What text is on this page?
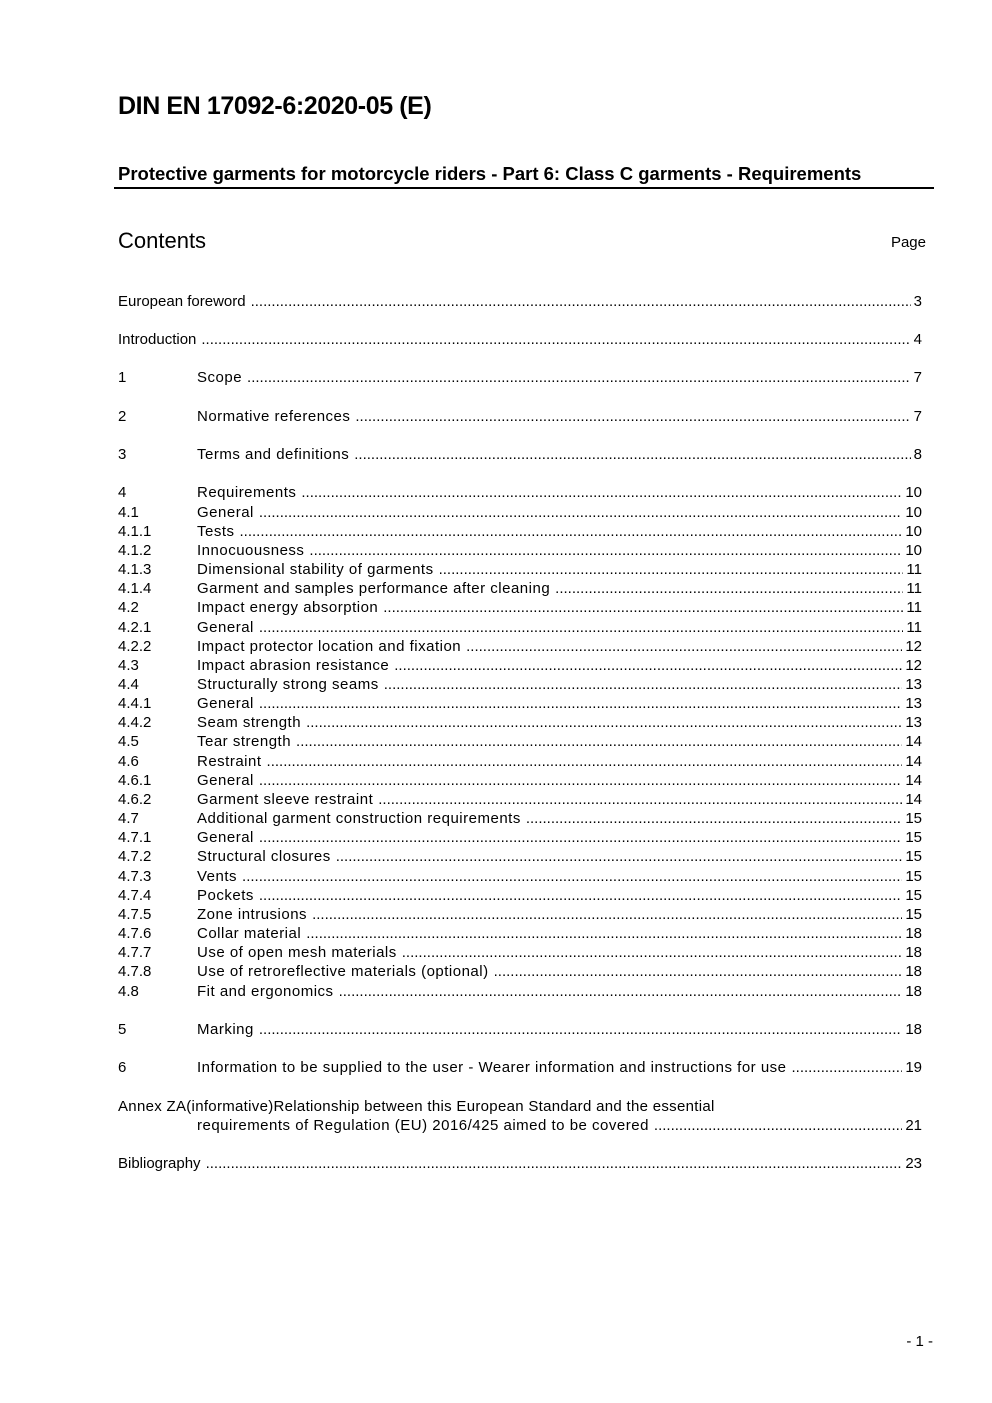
DIN EN 17092-6:2020-05 (E)
Protective garments for motorcycle riders - Part 6: Class C garments - Requirements
Contents	Page
European foreword .....	3
Introduction .....	4
1	Scope .....	7
2	Normative references .....	7
3	Terms and definitions .....	8
4	Requirements .....	10
4.1	General .....	10
4.1.1	Tests .....	10
4.1.2	Innocuousness .....	10
4.1.3	Dimensional stability of garments .....	11
4.1.4	Garment and samples performance after cleaning .....	11
4.2	Impact energy absorption .....	11
4.2.1	General .....	11
4.2.2	Impact protector location and fixation .....	12
4.3	Impact abrasion resistance .....	12
4.4	Structurally strong seams .....	13
4.4.1	General .....	13
4.4.2	Seam strength .....	13
4.5	Tear strength .....	14
4.6	Restraint .....	14
4.6.1	General .....	14
4.6.2	Garment sleeve restraint .....	14
4.7	Additional garment construction requirements .....	15
4.7.1	General .....	15
4.7.2	Structural closures .....	15
4.7.3	Vents .....	15
4.7.4	Pockets .....	15
4.7.5	Zone intrusions .....	15
4.7.6	Collar material .....	18
4.7.7	Use of open mesh materials .....	18
4.7.8	Use of retroreflective materials (optional) .....	18
4.8	Fit and ergonomics .....	18
5	Marking .....	18
6	Information to be supplied to the user - Wearer information and instructions for use .....	19
Annex ZA(informative)Relationship between this European Standard and the essential
requirements of Regulation (EU) 2016/425 aimed to be covered .....	21
Bibliography .....	23
- 1 -
